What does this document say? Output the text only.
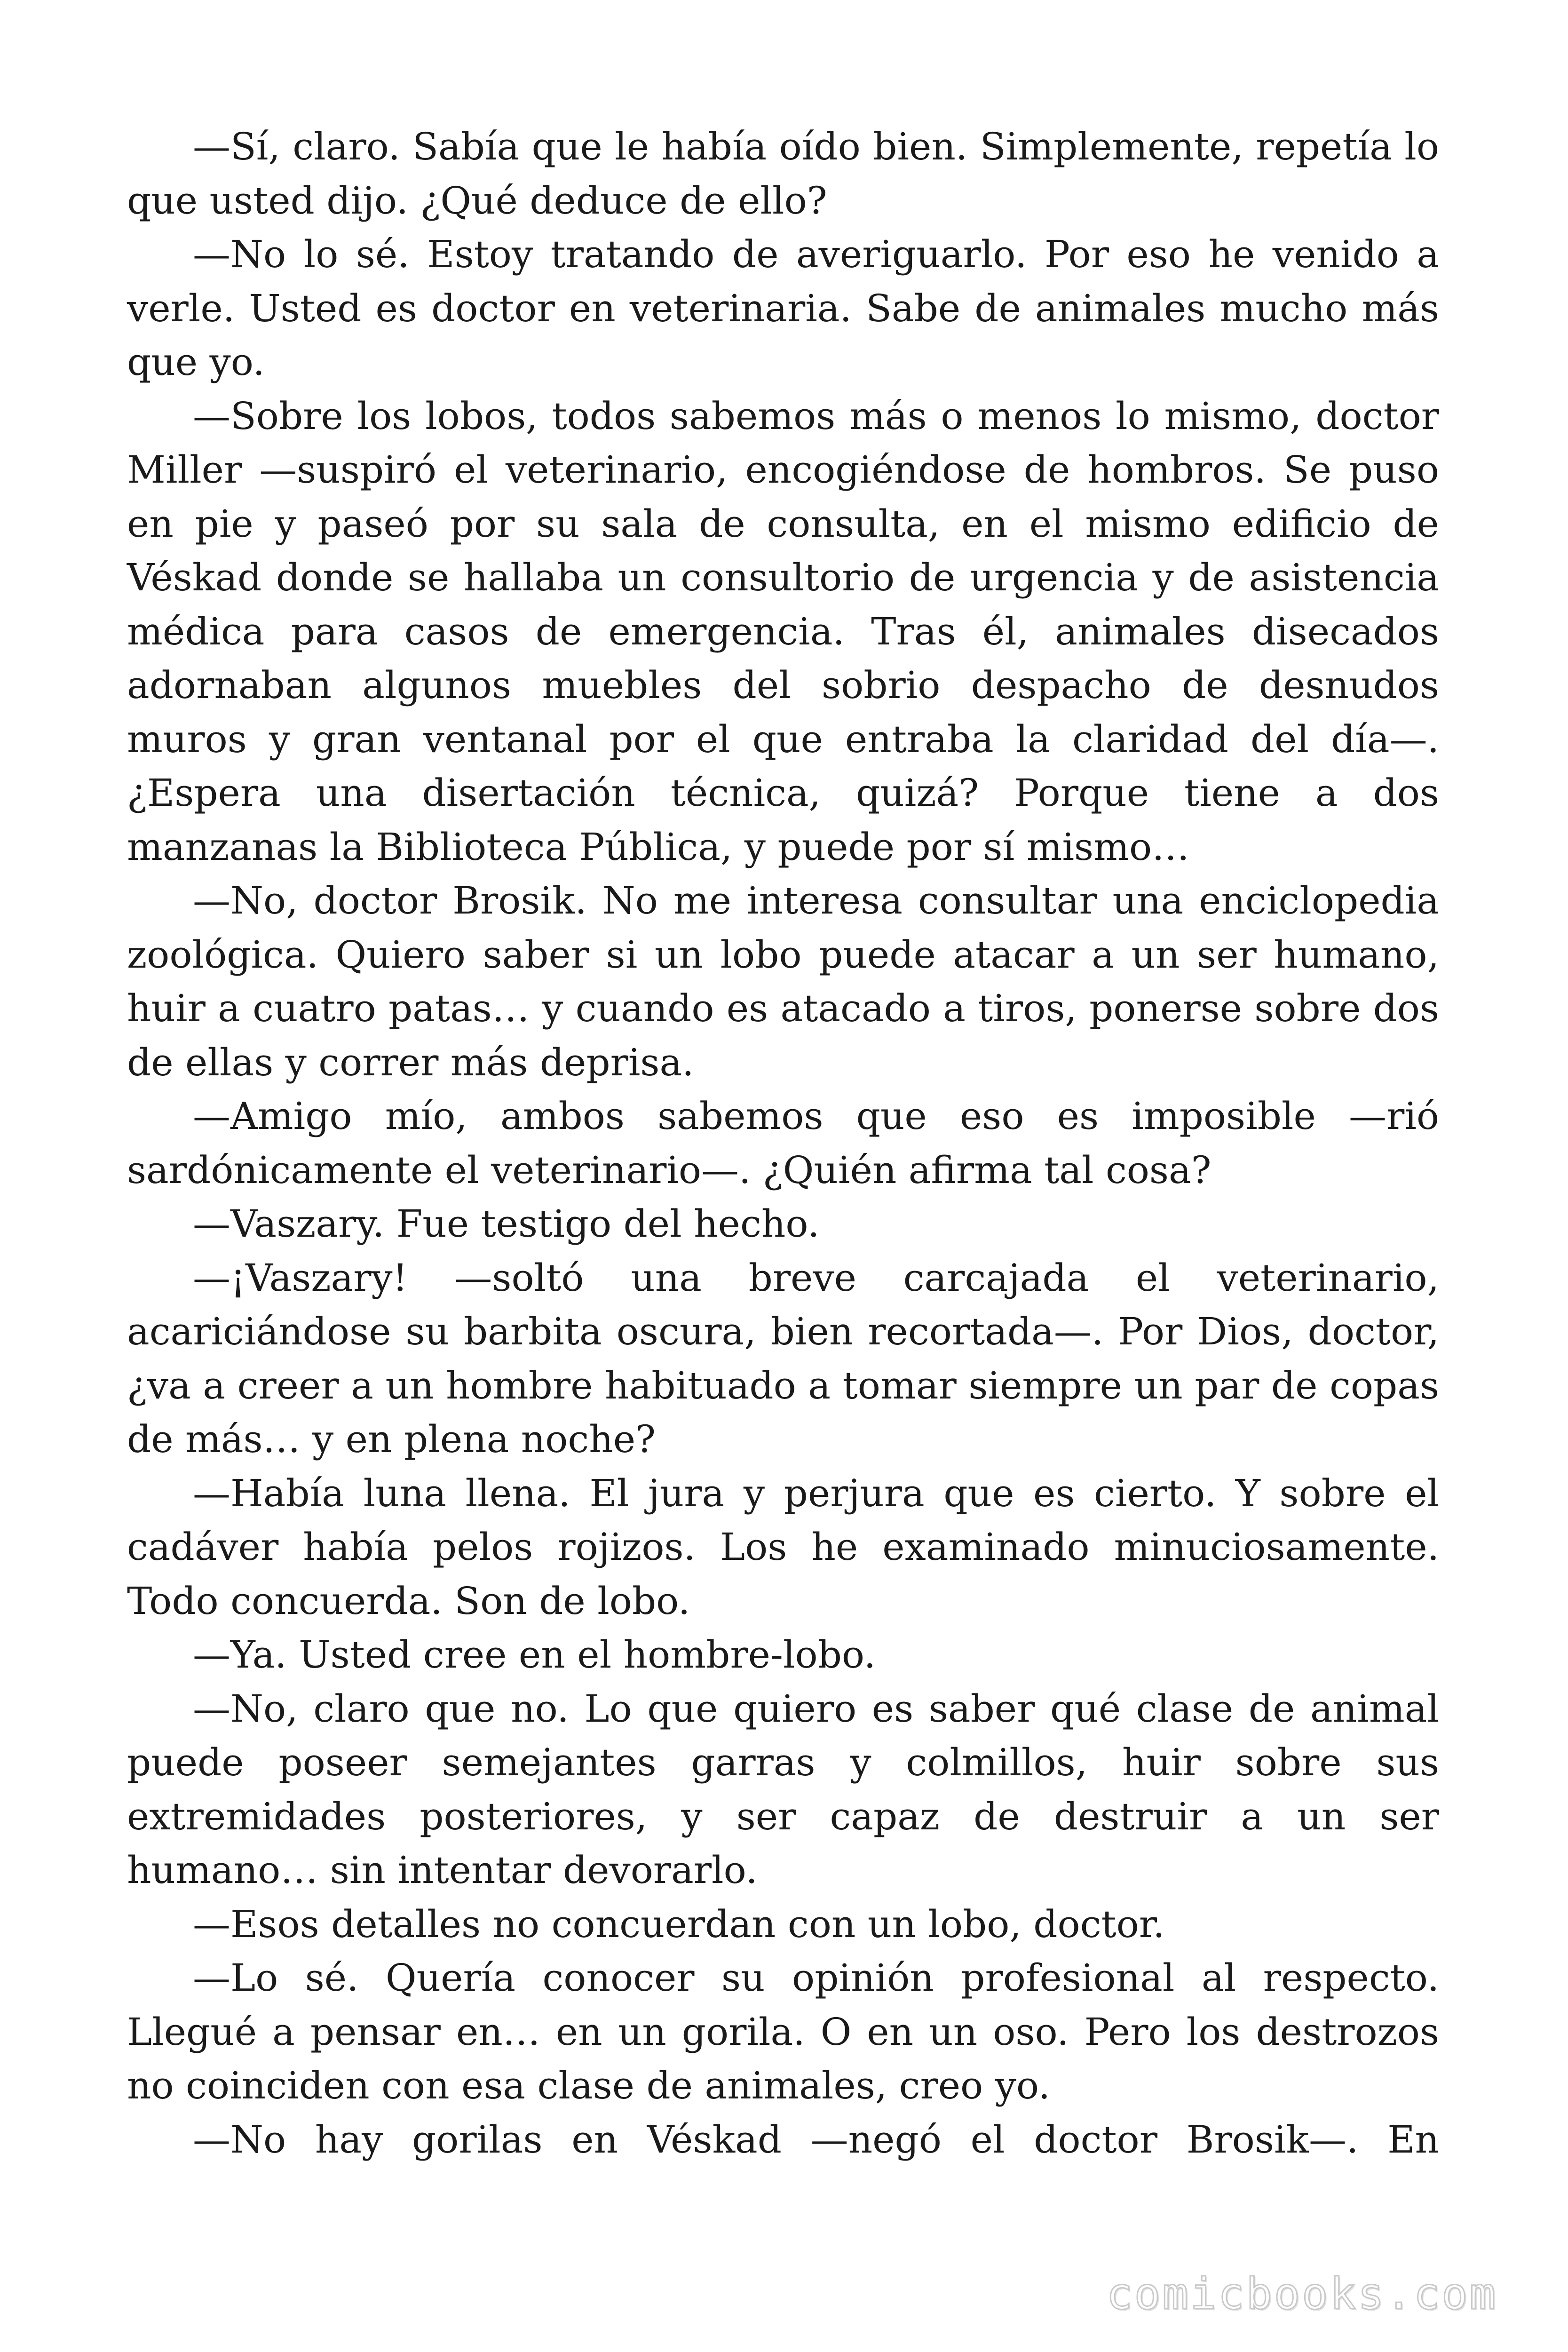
—Sí, claro. Sabía que le había oído bien. Simplemente, repetía lo que usted dijo. ¿Qué deduce de ello?

—No lo sé. Estoy tratando de averiguarlo. Por eso he venido a verle. Usted es doctor en veterinaria. Sabe de animales mucho más que yo.

—Sobre los lobos, todos sabemos más o menos lo mismo, doctor Miller —suspiró el veterinario, encogiéndose de hombros. Se puso en pie y paseó por su sala de consulta, en el mismo edificio de Véskad donde se hallaba un consultorio de urgencia y de asistencia médica para casos de emergencia. Tras él, animales disecados adornaban algunos muebles del sobrio despacho de desnudos muros y gran ventanal por el que entraba la claridad del día—. ¿Espera una disertación técnica, quizá? Porque tiene a dos manzanas la Biblioteca Pública, y puede por sí mismo…

—No, doctor Brosik. No me interesa consultar una enciclopedia zoológica. Quiero saber si un lobo puede atacar a un ser humano, huir a cuatro patas… y cuando es atacado a tiros, ponerse sobre dos de ellas y correr más deprisa.

—Amigo mío, ambos sabemos que eso es imposible —rió sardónicamente el veterinario—. ¿Quién afirma tal cosa?

—Vaszary. Fue testigo del hecho.

—¡Vaszary! —soltó una breve carcajada el veterinario, acariciándose su barbita oscura, bien recortada—. Por Dios, doctor, ¿va a creer a un hombre habituado a tomar siempre un par de copas de más… y en plena noche?

—Había luna llena. El jura y perjura que es cierto. Y sobre el cadáver había pelos rojizos. Los he examinado minuciosamente. Todo concuerda. Son de lobo.

—Ya. Usted cree en el hombre-lobo.

—No, claro que no. Lo que quiero es saber qué clase de animal puede poseer semejantes garras y colmillos, huir sobre sus extremidades posteriores, y ser capaz de destruir a un ser humano… sin intentar devorarlo.

—Esos detalles no concuerdan con un lobo, doctor.

—Lo sé. Quería conocer su opinión profesional al respecto. Llegué a pensar en… en un gorila. O en un oso. Pero los destrozos no coinciden con esa clase de animales, creo yo.

—No hay gorilas en Véskad —negó el doctor Brosik—. En

comicbooks.com
